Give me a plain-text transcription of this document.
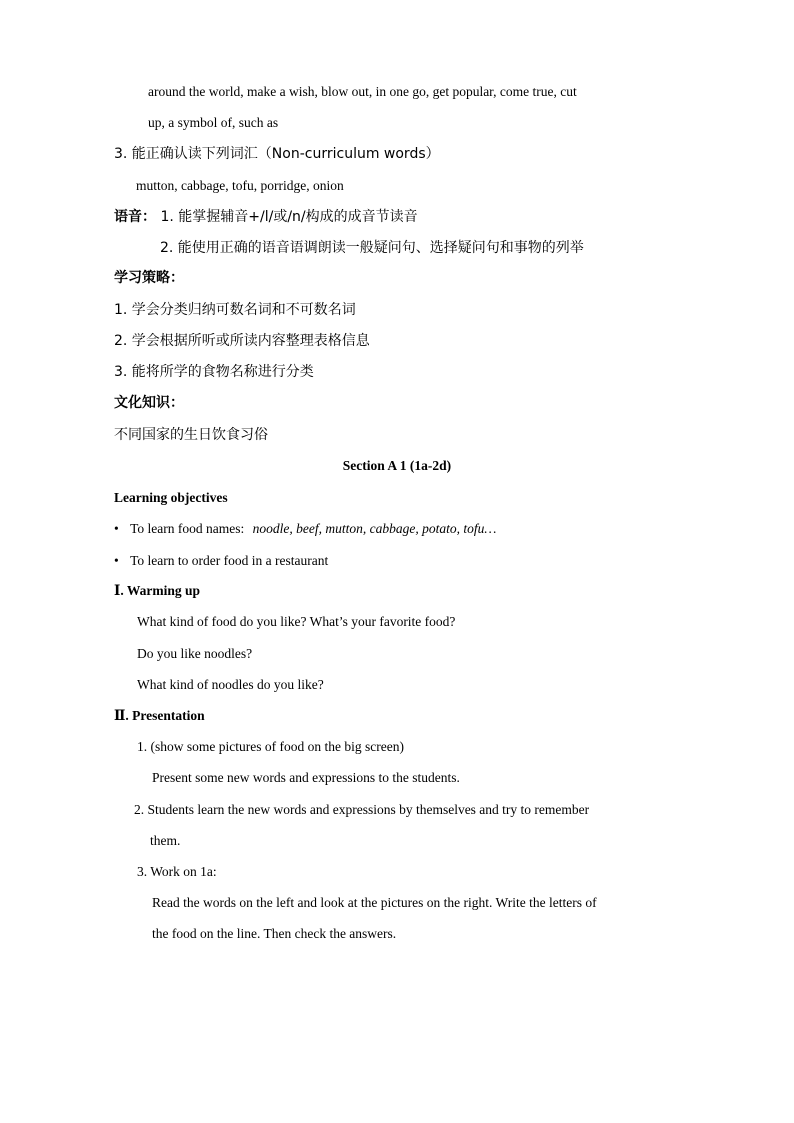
around the world, make a wish, blow out, in one go, get popular, come true, cut
up, a symbol of, such as
3. 能正确认读下列词汇（Non-curriculum words）
mutton, cabbage, tofu, porridge, onion
语音： 1. 能掌握辅音+/l/或/n/构成的成音节读音
2. 能使用正确的语音语调朗读一般疑问句、选择疑问句和事物的列举
学习策略：
1. 学会分类归纳可数名词和不可数名词
2. 学会根据所听或所读内容整理表格信息
3. 能将所学的食物名称进行分类
文化知识：
不同国家的生日饮食习俗
Section A 1 (1a-2d)
Learning objectives
• To learn food names: noodle, beef, mutton, cabbage, potato, tofu…
• To learn to order food in a restaurant
Ⅰ. Warming up
What kind of food do you like? What’s your favorite food?
Do you like noodles?
What kind of noodles do you like?
Ⅱ. Presentation
1. (show some pictures of food on the big screen)
Present some new words and expressions to the students.
2. Students learn the new words and expressions by themselves and try to remember
them.
3. Work on 1a:
Read the words on the left and look at the pictures on the right. Write the letters of
the food on the line. Then check the answers.
